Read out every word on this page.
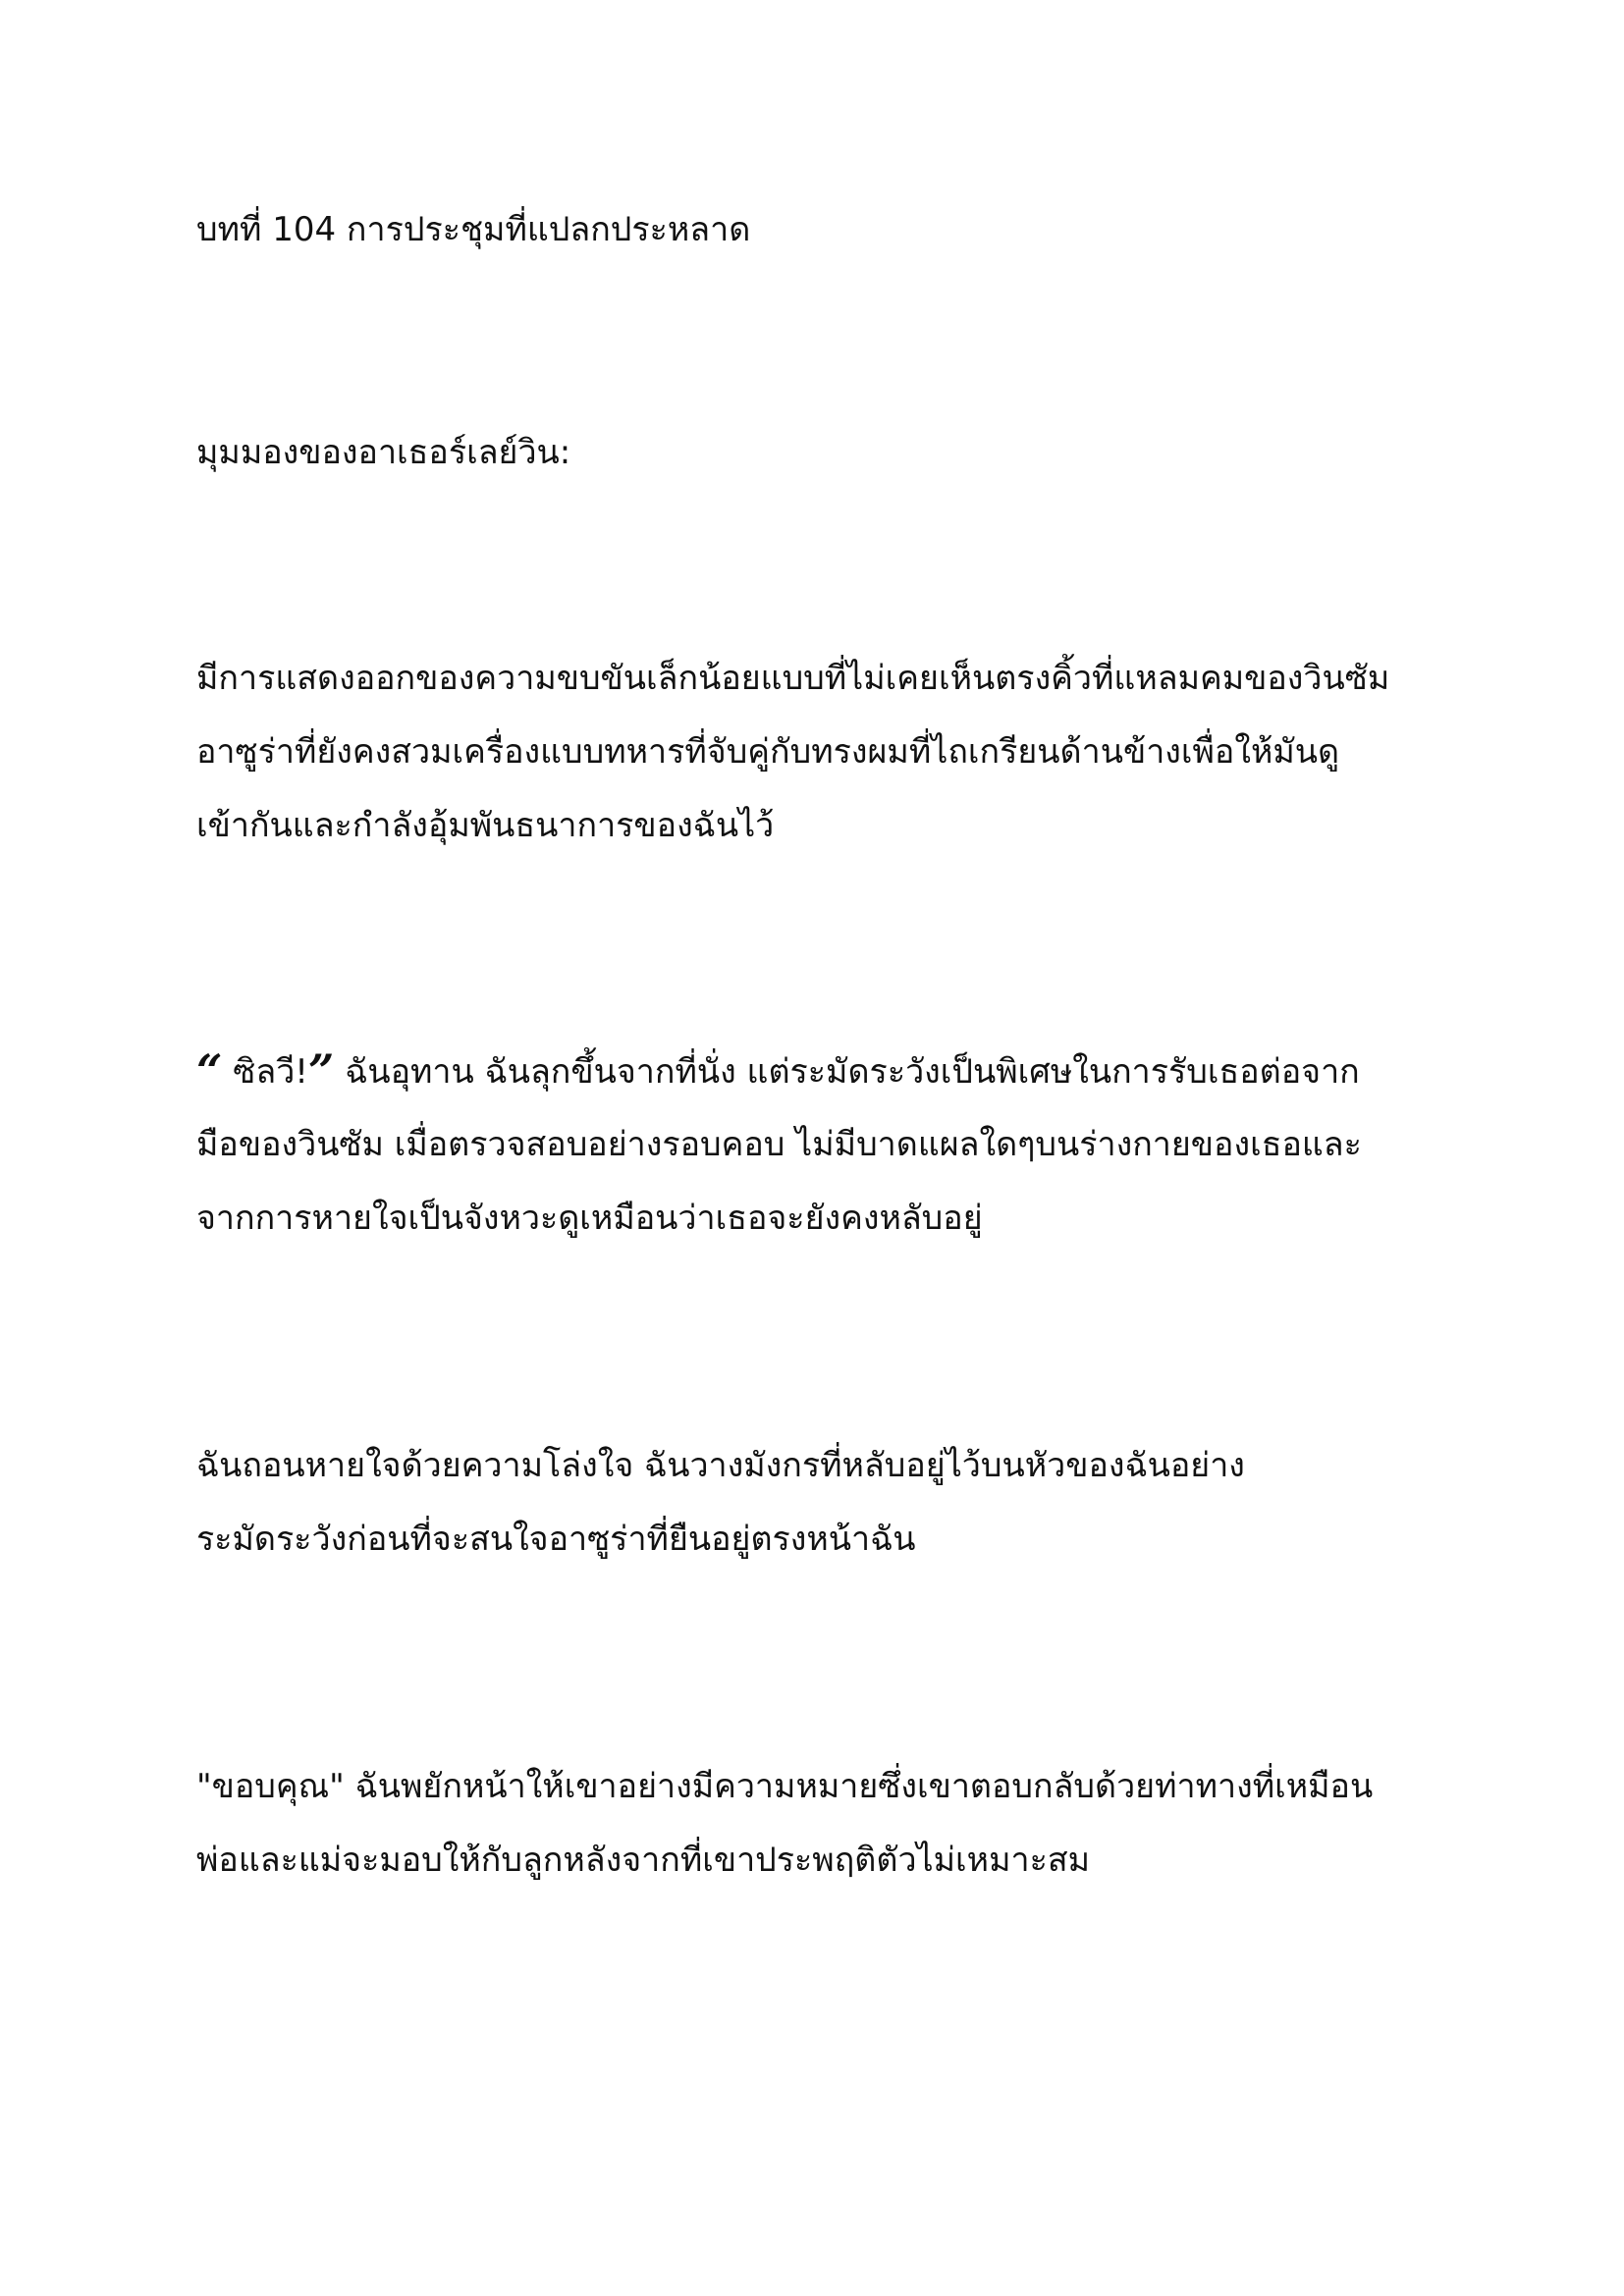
บทที่ 104 การประชุมที่แปลกประหลาด

มุมมองของอาเธอร์เลย์วิน:

มีการแสดงออกของความขบขันเล็กน้อยแบบที่ไม่เคยเห็นตรงคิ้วที่แหลมคมของวินซัม
อาซูร่าที่ยังคงสวมเครื่องแบบทหารที่จับคู่กับทรงผมที่ไถเกรียนด้านข้างเพื่อให้มันดู
เข้ากันและกำลังอุ้มพันธนาการของฉันไว้

“ ซิลวี!” ฉันอุทาน ฉันลุกขึ้นจากที่นั่ง แต่ระมัดระวังเป็นพิเศษในการรับเธอต่อจาก
มือของวินซัม เมื่อตรวจสอบอย่างรอบคอบ ไม่มีบาดแผลใดๆบนร่างกายของเธอและ
จากการหายใจเป็นจังหวะดูเหมือนว่าเธอจะยังคงหลับอยู่

ฉันถอนหายใจด้วยความโล่งใจ ฉันวางมังกรที่หลับอยู่ไว้บนหัวของฉันอย่าง
ระมัดระวังก่อนที่จะสนใจอาซูร่าที่ยืนอยู่ตรงหน้าฉัน

"ขอบคุณ" ฉันพยักหน้าให้เขาอย่างมีความหมายซึ่งเขาตอบกลับด้วยท่าทางที่เหมือน
พ่อและแม่จะมอบให้กับลูกหลังจากที่เขาประพฤติตัวไม่เหมาะสม
